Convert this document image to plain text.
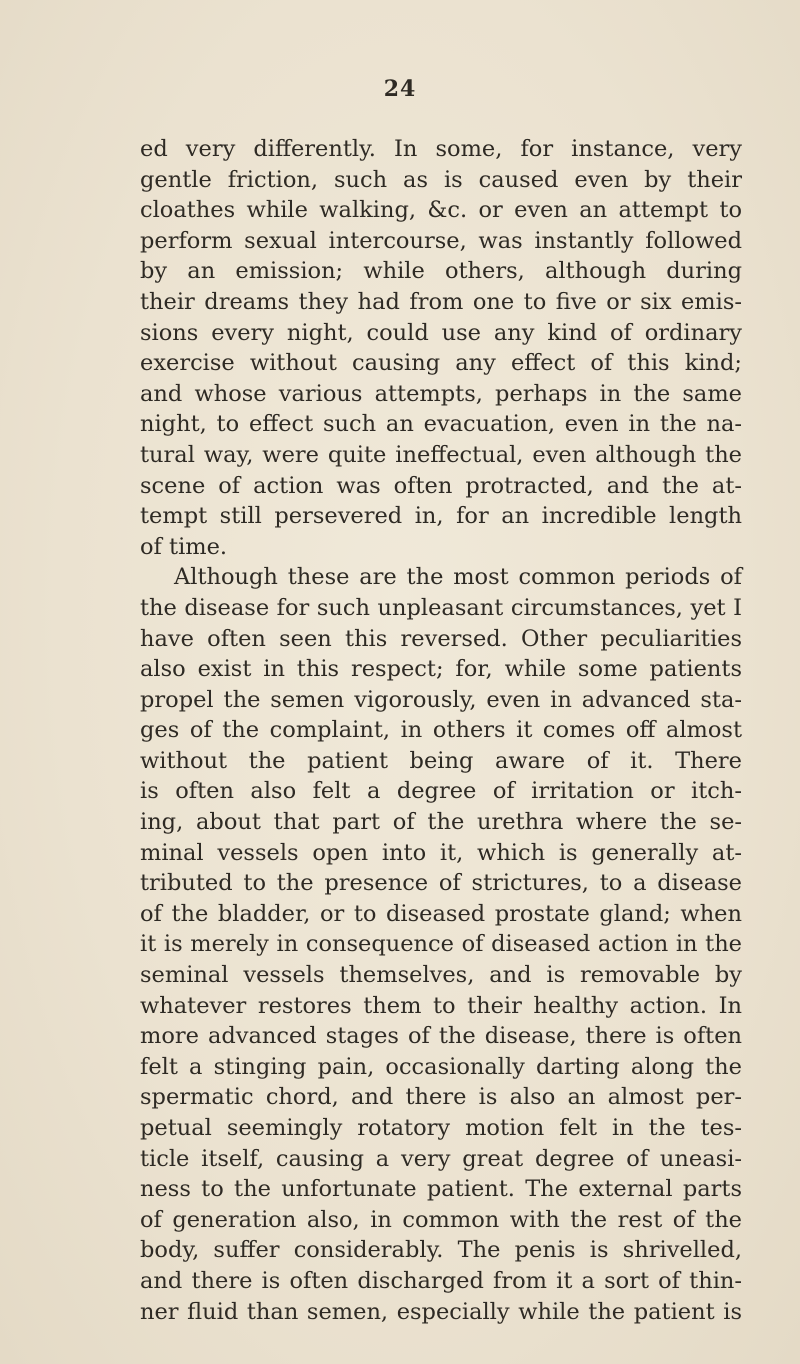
24
ed very differently. In some, for instance, very
gentle friction, such as is caused even by their
cloathes while walking, &c. or even an attempt to
perform sexual intercourse, was instantly followed
by an emission; while others, although during
their dreams they had from one to five or six emis-
sions every night, could use any kind of ordinary
exercise without causing any effect of this kind;
and whose various attempts, perhaps in the same
night, to effect such an evacuation, even in the na-
tural way, were quite ineffectual, even although the
scene of action was often protracted, and the at-
tempt still persevered in, for an incredible length
of time.
Although these are the most common periods of
the disease for such unpleasant circumstances, yet I
have often seen this reversed. Other peculiarities
also exist in this respect; for, while some patients
propel the semen vigorously, even in advanced sta-
ges of the complaint, in others it comes off almost
without the patient being aware of it. There
is often also felt a degree of irritation or itch-
ing, about that part of the urethra where the se-
minal vessels open into it, which is generally at-
tributed to the presence of strictures, to a disease
of the bladder, or to diseased prostate gland; when
it is merely in consequence of diseased action in the
seminal vessels themselves, and is removable by
whatever restores them to their healthy action. In
more advanced stages of the disease, there is often
felt a stinging pain, occasionally darting along the
spermatic chord, and there is also an almost per-
petual seemingly rotatory motion felt in the tes-
ticle itself, causing a very great degree of uneasi-
ness to the unfortunate patient. The external parts
of generation also, in common with the rest of the
body, suffer considerably. The penis is shrivelled,
and there is often discharged from it a sort of thin-
ner fluid than semen, especially while the patient is
